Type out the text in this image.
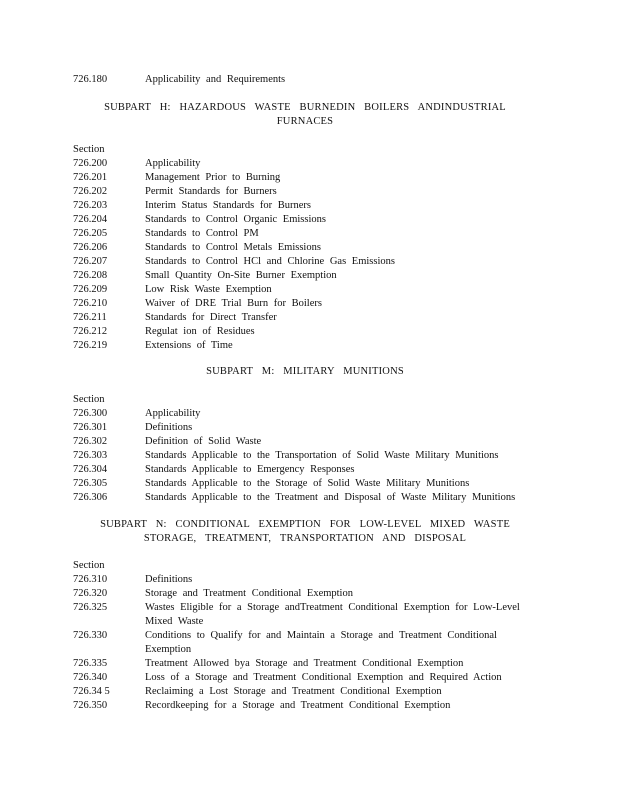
726.180	Applicability and Requirements
SUBPART H: HAZARDOUS WASTE BURNEDIN BOILERS ANDINDUSTRIAL
FURNACES
Section
726.200	Applicability
726.201	Management Prior to Burning
726.202	Permit Standards for Burners
726.203	Interim Status Standards for Burners
726.204	Standards to Control Organic Emissions
726.205	Standards to Control PM
726.206	Standards to Control Metals Emissions
726.207	Standards to Control HCl and Chlorine Gas Emissions
726.208	Small Quantity On-Site Burner Exemption
726.209	Low Risk Waste Exemption
726.210	Waiver of DRE Trial Burn for Boilers
726.211	Standards for Direct Transfer
726.212	Regulat ion of Residues
726.219	Extensions of Time
SUBPART M: MILITARY MUNITIONS
Section
726.300	Applicability
726.301	Definitions
726.302	Definition of Solid Waste
726.303	Standards Applicable to the Transportation of Solid Waste Military Munitions
726.304	Standards Applicable to Emergency Responses
726.305	Standards Applicable to the Storage of Solid Waste Military Munitions
726.306	Standards Applicable to the Treatment and Disposal of Waste Military Munitions
SUBPART N: CONDITIONAL EXEMPTION FOR LOW-LEVEL MIXED WASTE
STORAGE, TREATMENT, TRANSPORTATION AND DISPOSAL
Section
726.310	Definitions
726.320	Storage and Treatment Conditional Exemption
726.325	Wastes Eligible for a Storage andTreatment Conditional Exemption for Low-Level Mixed Waste
726.330	Conditions to Qualify for and Maintain a Storage and Treatment Conditional Exemption
726.335	Treatment Allowed bya Storage and Treatment Conditional Exemption
726.340	Loss of a Storage and Treatment Conditional Exemption and Required Action
726.34 5	Reclaiming a Lost Storage and Treatment Conditional Exemption
726.350	Recordkeeping for a Storage and Treatment Conditional Exemption
